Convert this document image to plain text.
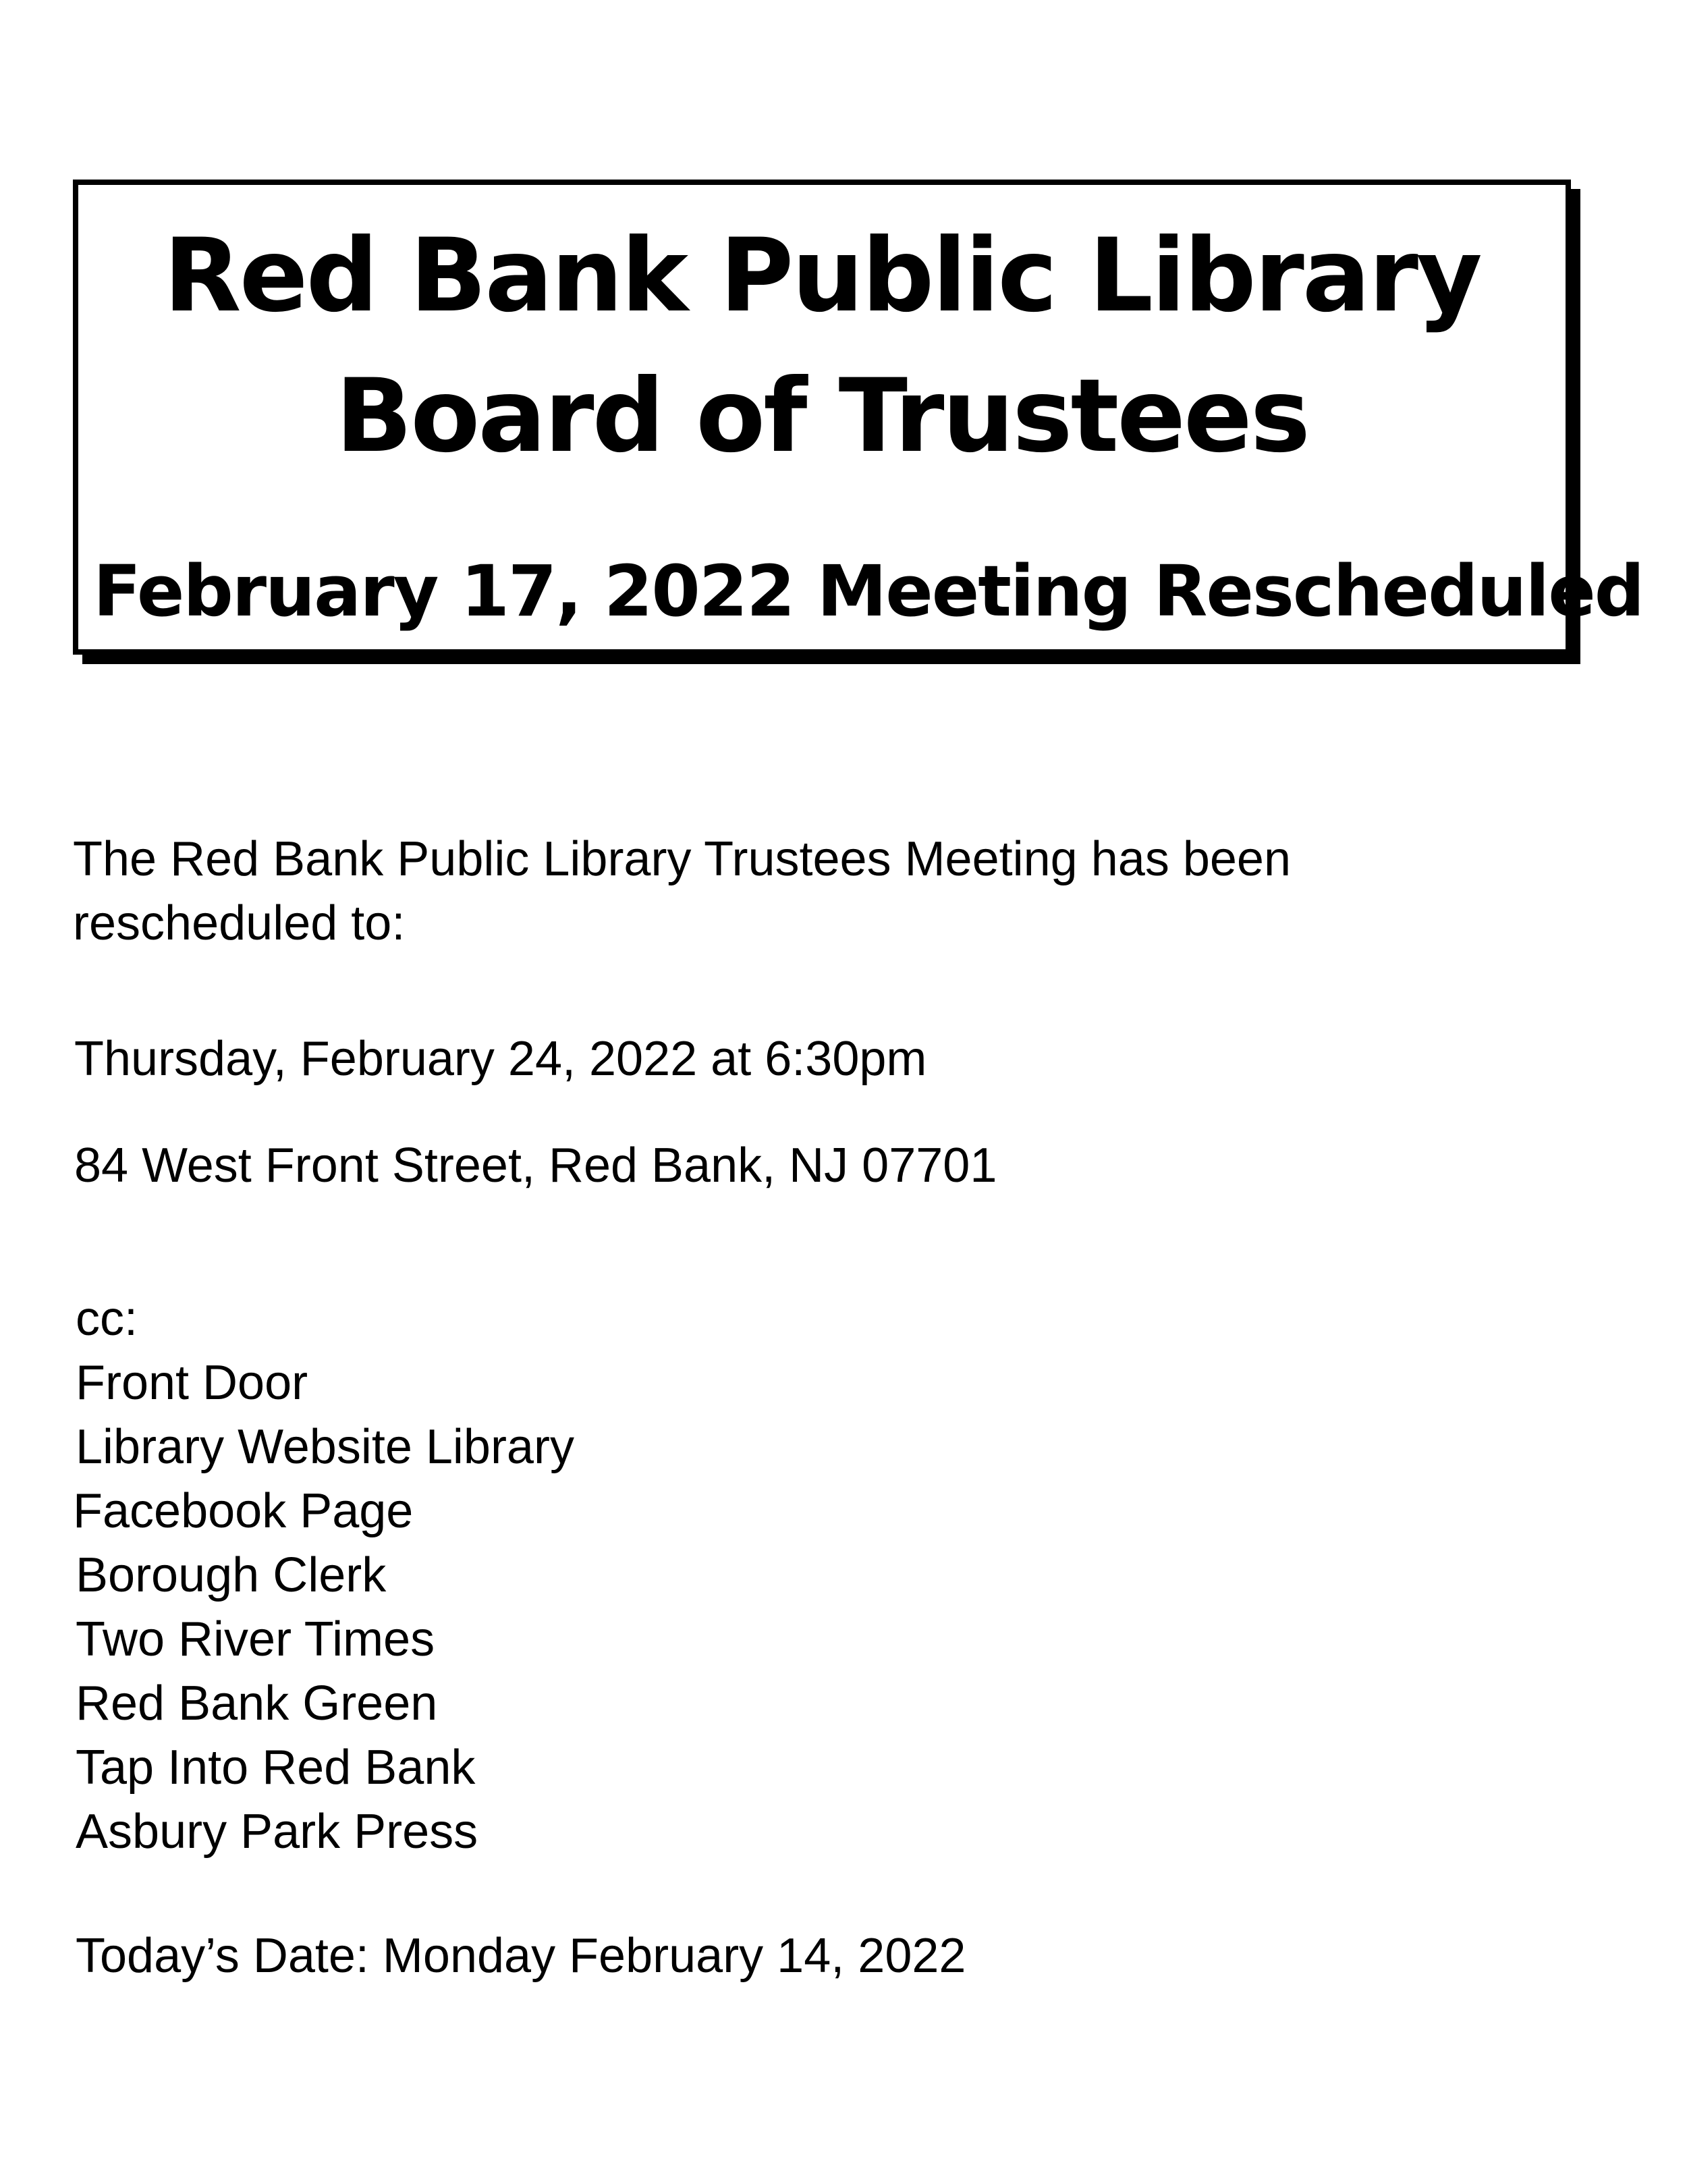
Red Bank Public Library
Board of Trustees
February 17, 2022 Meeting Rescheduled
The Red Bank Public Library Trustees Meeting has been
rescheduled to:
Thursday, February 24, 2022 at 6:30pm
84 West Front Street, Red Bank, NJ 07701
cc:
Front Door
Library Website Library
Facebook Page
Borough Clerk
Two River Times
Red Bank Green
Tap Into Red Bank
Asbury Park Press
Today’s Date: Monday February 14, 2022
